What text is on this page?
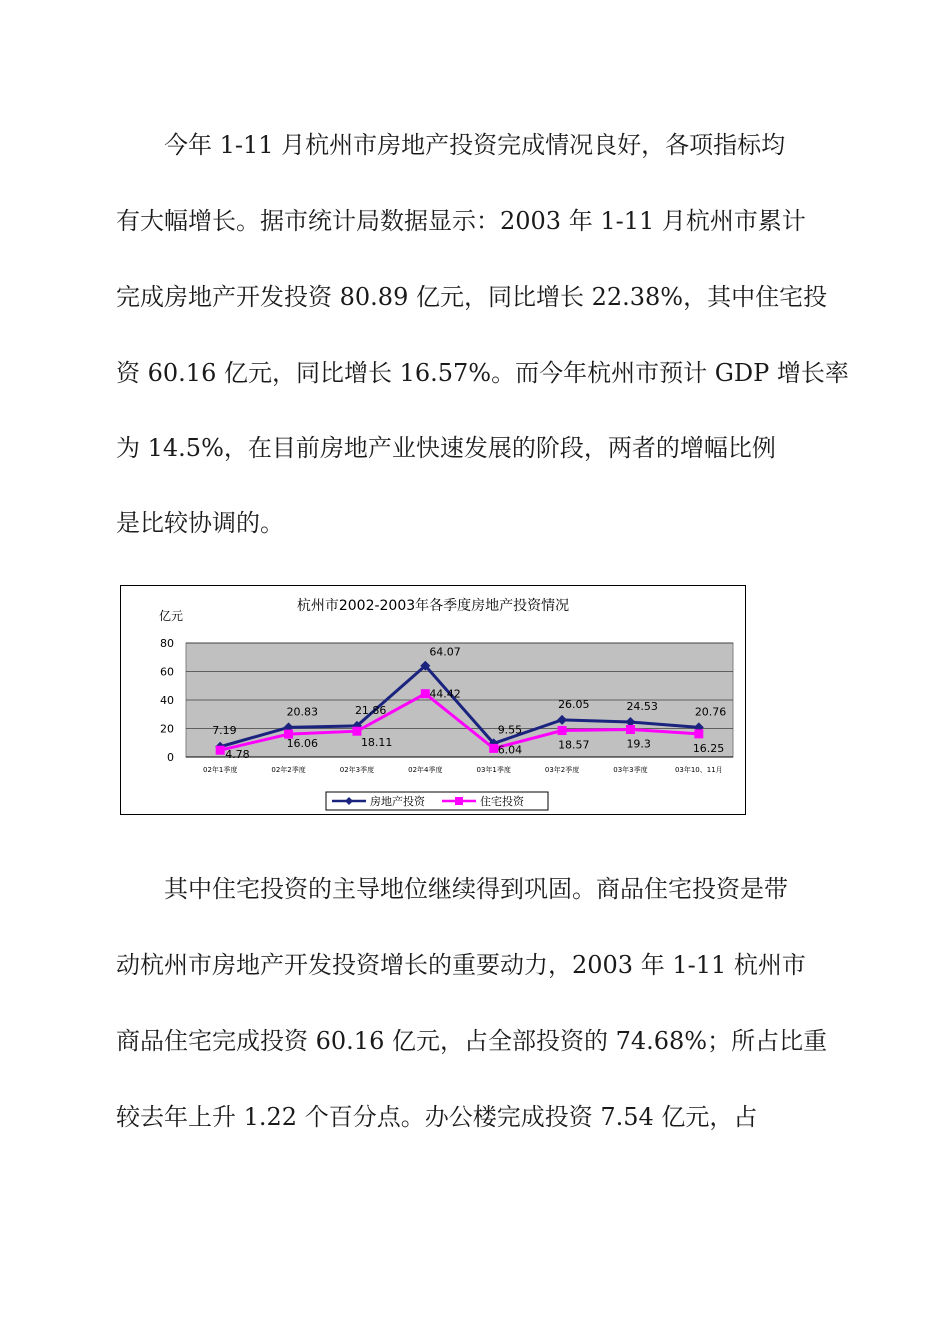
今年 1-11 月杭州市房地产投资完成情况良好，各项指标均
有大幅增长。据市统计局数据显示：2003 年 1-11 月杭州市累计
完成房地产开发投资 80.89 亿元，同比增长 22.38%，其中住宅投
资 60.16 亿元，同比增长 16.57%。而今年杭州市预计 GDP 增长率
为 14.5%，在目前房地产业快速发展的阶段，两者的增幅比例
是比较协调的。
杭州市2002-2003年各季度房地产投资情况
亿元
0
20
40
60
80
02年1季度	02年2季度	02年3季度	02年4季度	03年1季度	03年2季度	03年3季度	03年10、11月
7.19
20.83	21.86
64.07
9.55
26.05	24.53	20.76
4.78
16.06	18.11
44.42
6.04	18.57	19.3	16.25
房地产投资	住宅投资
其中住宅投资的主导地位继续得到巩固。商品住宅投资是带
动杭州市房地产开发投资增长的重要动力，2003 年 1-11 杭州市
商品住宅完成投资 60.16 亿元，占全部投资的 74.68%；所占比重
较去年上升 1.22 个百分点。办公楼完成投资 7.54 亿元，占
